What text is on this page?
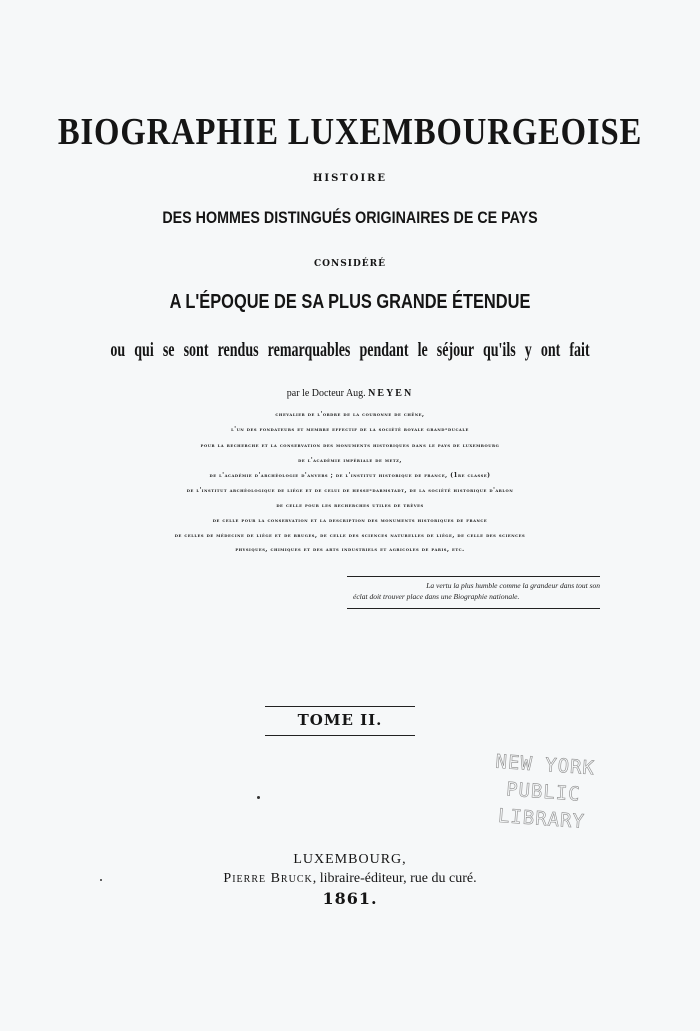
BIOGRAPHIE LUXEMBOURGEOISE
HISTOIRE
DES HOMMES DISTINGUÉS ORIGINAIRES DE CE PAYS
CONSIDÉRÉ
A L'ÉPOQUE DE SA PLUS GRANDE ÉTENDUE
ou qui se sont rendus remarquables pendant le séjour qu'ils y ont fait
par le Docteur Aug. NEYEN
chevalier de l'ordre de la couronne de chêne,
l'un des fondateurs et membre effectif de la société royale grand-ducale
pour la recherche et la conservation des monuments historiques dans le pays de luxembourg
de l'académie impériale de metz,
de l'académie d'archéologie d'anvers ; de l'institut historique de france, (1re classe)
de l'institut archéologique de liége et de celui de hesse-darmstadt, de la société historique d'arlon
de celle pour les recherches utiles de trèves
de celle pour la conservation et la description des monuments historiques de france
de celles de médecine de liége et de bruges, de celle des sciences naturelles de liége, de celle des sciences
physiques, chimiques et des arts industriels et agricoles de paris, etc.
La vertu la plus humble comme la grandeur dans tout son
éclat doit trouver place dans une Biographie nationale.
TOME II.
NEW YORK
PUBLIC
LIBRARY
LUXEMBOURG,
Pierre Bruck, libraire-éditeur, rue du curé.
1861.
